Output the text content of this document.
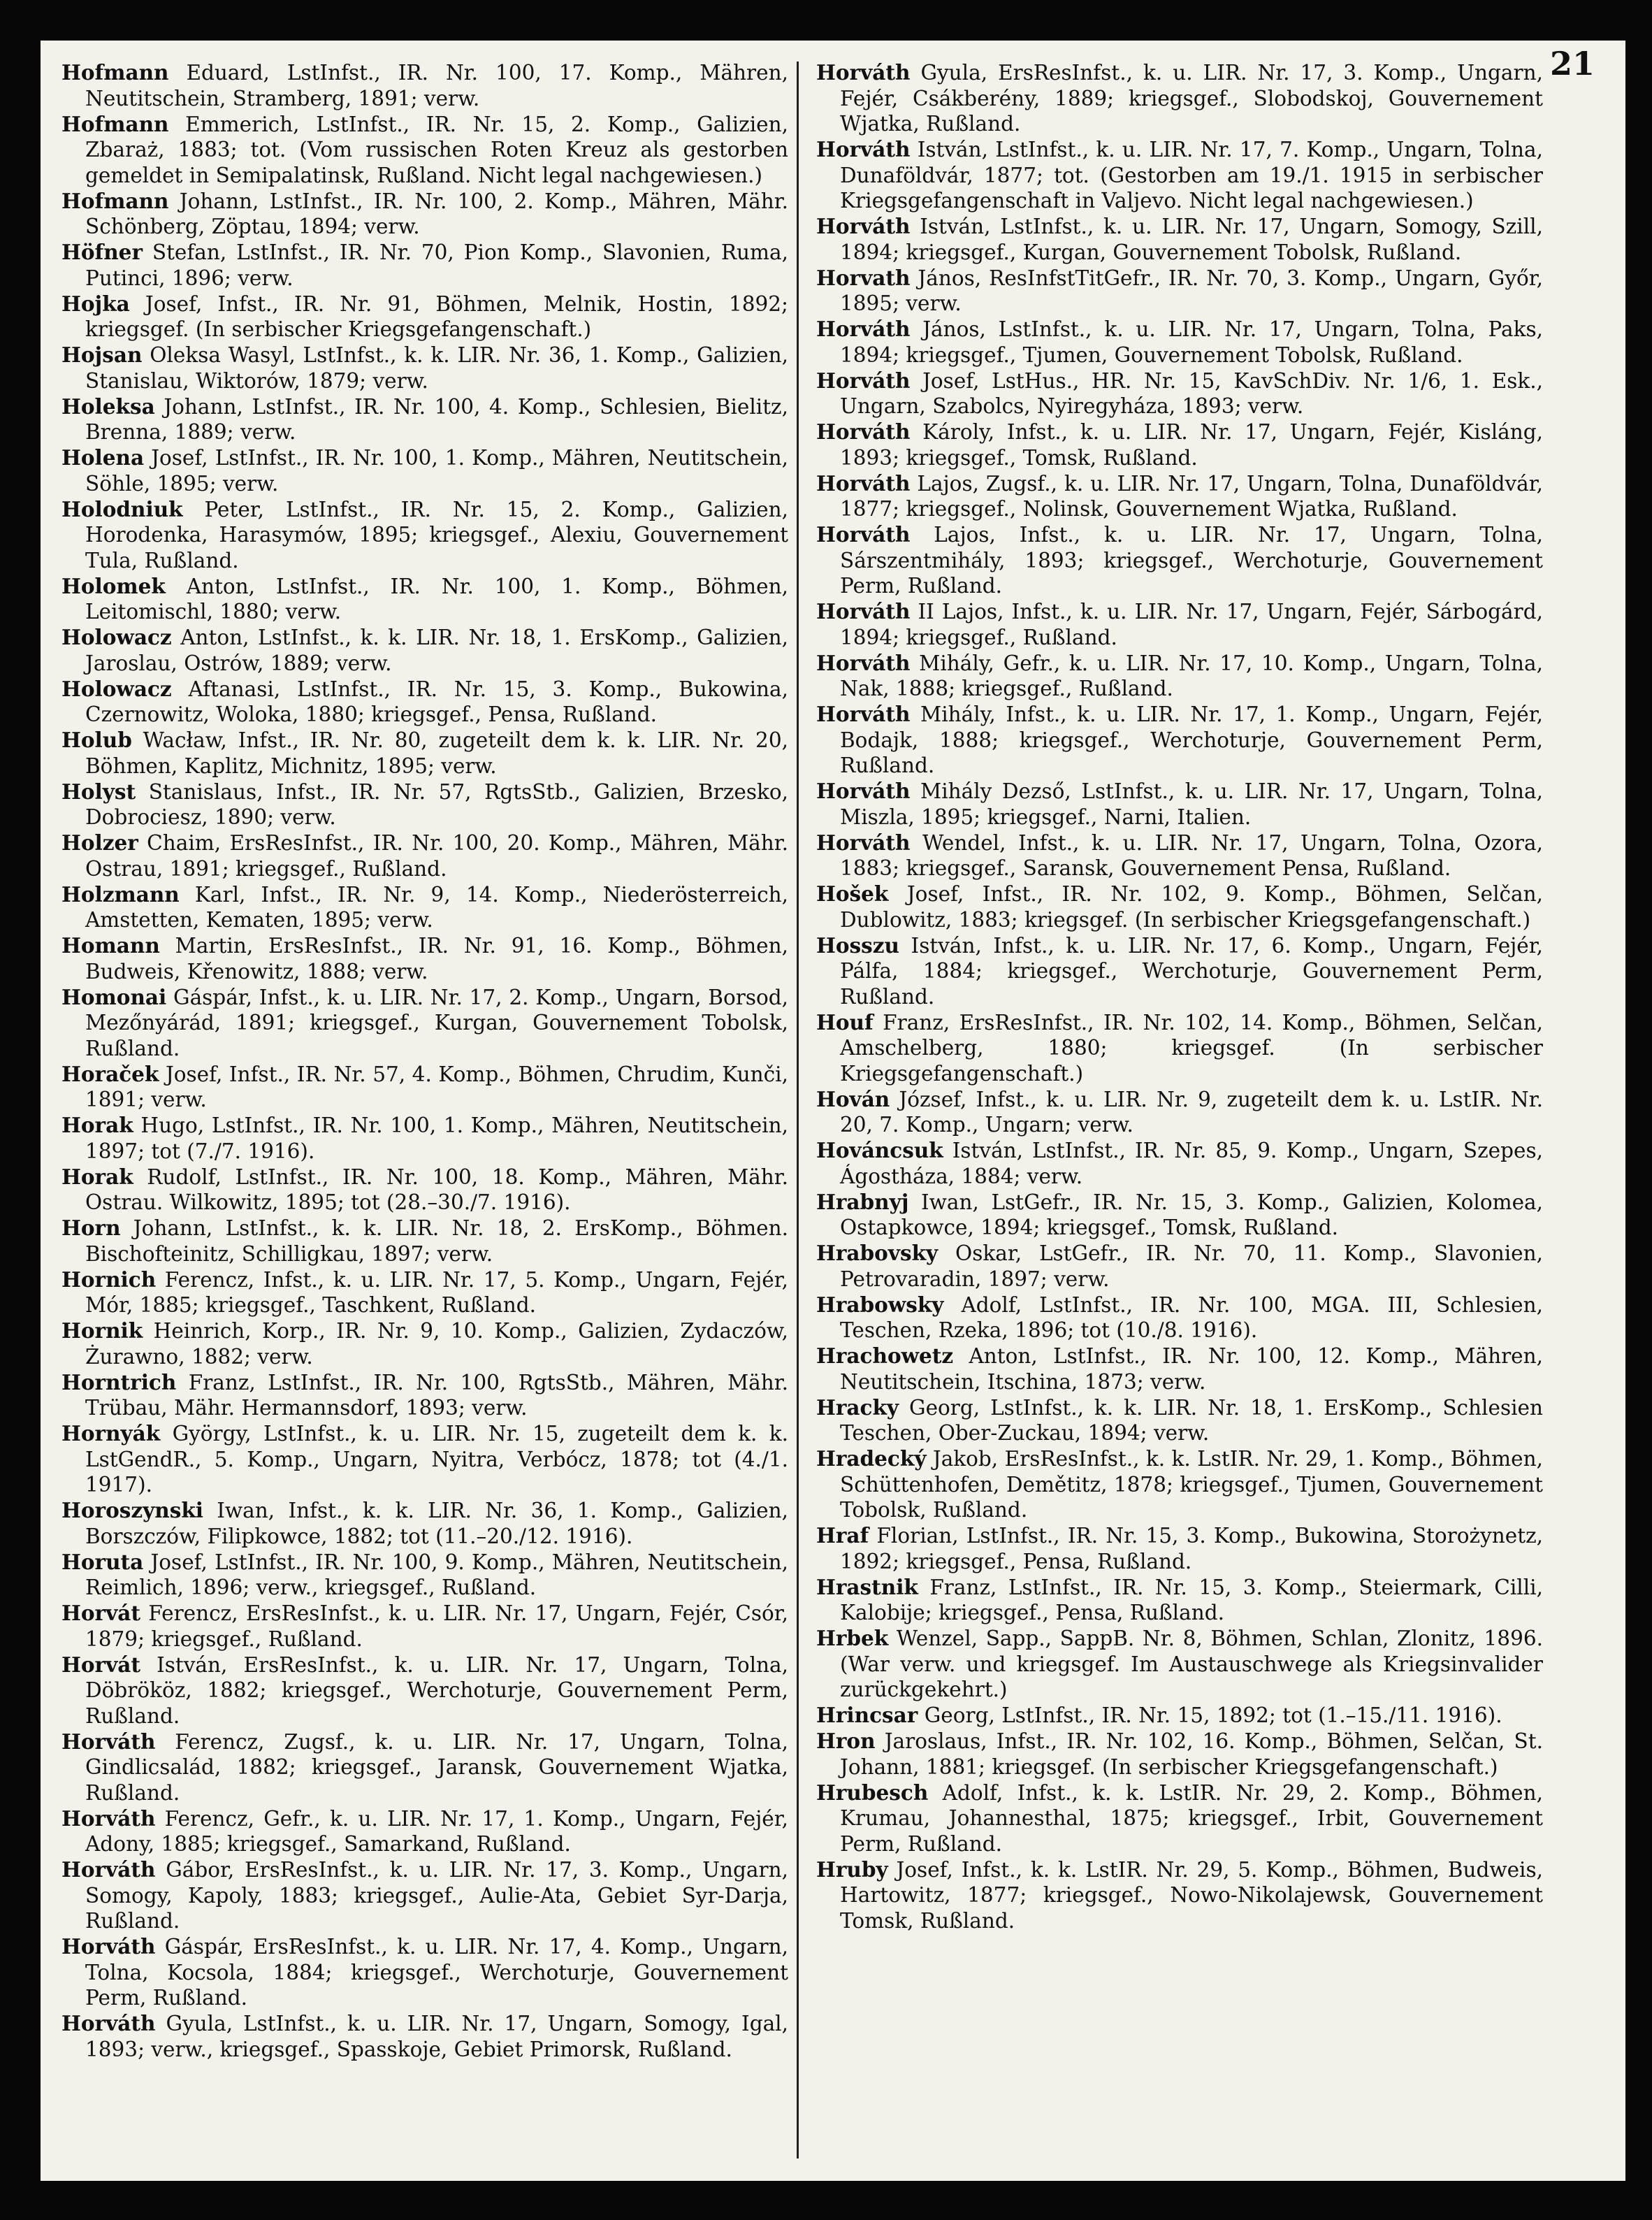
21

Hofmann Eduard, LstInfst., IR. Nr. 100, 17. Komp., Mähren, Neutitschein, Stramberg, 1891; verw.

Hofmann Emmerich, LstInfst., IR. Nr. 15, 2. Komp., Galizien, Zbaraż, 1883; tot. (Vom russischen Roten Kreuz als gestorben gemeldet in Semipalatinsk, Rußland. Nicht legal nachgewiesen.)

Hofmann Johann, LstInfst., IR. Nr. 100, 2. Komp., Mähren, Mähr. Schönberg, Zöptau, 1894; verw.

Höfner Stefan, LstInfst., IR. Nr. 70, Pion Komp., Slavonien, Ruma, Putinci, 1896; verw.

Hojka Josef, Infst., IR. Nr. 91, Böhmen, Melnik, Hostin, 1892; kriegsgef. (In serbischer Kriegsgefangenschaft.)

Hojsan Oleksa Wasyl, LstInfst., k. k. LIR. Nr. 36, 1. Komp., Galizien, Stanislau, Wiktorów, 1879; verw.

Holeksa Johann, LstInfst., IR. Nr. 100, 4. Komp., Schlesien, Bielitz, Brenna, 1889; verw.

Holena Josef, LstInfst., IR. Nr. 100, 1. Komp., Mähren, Neutitschein, Söhle, 1895; verw.

Holodniuk Peter, LstInfst., IR. Nr. 15, 2. Komp., Galizien, Horodenka, Harasymów, 1895; kriegsgef., Alexiu, Gouvernement Tula, Rußland.

Holomek Anton, LstInfst., IR. Nr. 100, 1. Komp., Böhmen, Leitomischl, 1880; verw.

Holowacz Anton, LstInfst., k. k. LIR. Nr. 18, 1. ErsKomp., Galizien, Jaroslau, Ostrów, 1889; verw.

Holowacz Aftanasi, LstInfst., IR. Nr. 15, 3. Komp., Bukowina, Czernowitz, Woloka, 1880; kriegsgef., Pensa, Rußland.

Holub Wacław, Infst., IR. Nr. 80, zugeteilt dem k. k. LIR. Nr. 20, Böhmen, Kaplitz, Michnitz, 1895; verw.

Holyst Stanislaus, Infst., IR. Nr. 57, RgtsStb., Galizien, Brzesko, Dobrociesz, 1890; verw.

Holzer Chaim, ErsResInfst., IR. Nr. 100, 20. Komp., Mähren, Mähr. Ostrau, 1891; kriegsgef., Rußland.

Holzmann Karl, Infst., IR. Nr. 9, 14. Komp., Niederösterreich, Amstetten, Kematen, 1895; verw.

Homann Martin, ErsResInfst., IR. Nr. 91, 16. Komp., Böhmen, Budweis, Křenowitz, 1888; verw.

Homonai Gáspár, Infst., k. u. LIR. Nr. 17, 2. Komp., Ungarn, Borsod, Mezőnyárád, 1891; kriegsgef., Kurgan, Gouvernement Tobolsk, Rußland.

Horaček Josef, Infst., IR. Nr. 57, 4. Komp., Böhmen, Chrudim, Kunči, 1891; verw.

Horak Hugo, LstInfst., IR. Nr. 100, 1. Komp., Mähren, Neutitschein, 1897; tot (7./7. 1916).

Horak Rudolf, LstInfst., IR. Nr. 100, 18. Komp., Mähren, Mähr. Ostrau. Wilkowitz, 1895; tot (28.–30./7. 1916).

Horn Johann, LstInfst., k. k. LIR. Nr. 18, 2. ErsKomp., Böhmen. Bischofteinitz, Schilligkau, 1897; verw.

Hornich Ferencz, Infst., k. u. LIR. Nr. 17, 5. Komp., Ungarn, Fejér, Mór, 1885; kriegsgef., Taschkent, Rußland.

Hornik Heinrich, Korp., IR. Nr. 9, 10. Komp., Galizien, Zydaczów, Żurawno, 1882; verw.

Horntrich Franz, LstInfst., IR. Nr. 100, RgtsStb., Mähren, Mähr. Trübau, Mähr. Hermannsdorf, 1893; verw.

Hornyák György, LstInfst., k. u. LIR. Nr. 15, zugeteilt dem k. k. LstGendR., 5. Komp., Ungarn, Nyitra, Verbócz, 1878; tot (4./1. 1917).

Horoszynski Iwan, Infst., k. k. LIR. Nr. 36, 1. Komp., Galizien, Borszczów, Filipkowce, 1882; tot (11.–20./12. 1916).

Horuta Josef, LstInfst., IR. Nr. 100, 9. Komp., Mähren, Neutitschein, Reimlich, 1896; verw., kriegsgef., Rußland.

Horvát Ferencz, ErsResInfst., k. u. LIR. Nr. 17, Ungarn, Fejér, Csór, 1879; kriegsgef., Rußland.

Horvát István, ErsResInfst., k. u. LIR. Nr. 17, Ungarn, Tolna, Döbrököz, 1882; kriegsgef., Werchoturje, Gouvernement Perm, Rußland.

Horváth Ferencz, Zugsf., k. u. LIR. Nr. 17, Ungarn, Tolna, Gindlicsalád, 1882; kriegsgef., Jaransk, Gouvernement Wjatka, Rußland.

Horváth Ferencz, Gefr., k. u. LIR. Nr. 17, 1. Komp., Ungarn, Fejér, Adony, 1885; kriegsgef., Samarkand, Rußland.

Horváth Gábor, ErsResInfst., k. u. LIR. Nr. 17, 3. Komp., Ungarn, Somogy, Kapoly, 1883; kriegsgef., Aulie-Ata, Gebiet Syr-Darja, Rußland.

Horváth Gáspár, ErsResInfst., k. u. LIR. Nr. 17, 4. Komp., Ungarn, Tolna, Kocsola, 1884; kriegsgef., Werchoturje, Gouvernement Perm, Rußland.

Horváth Gyula, LstInfst., k. u. LIR. Nr. 17, Ungarn, Somogy, Igal, 1893; verw., kriegsgef., Spasskoje, Gebiet Primorsk, Rußland.

Horváth Gyula, ErsResInfst., k. u. LIR. Nr. 17, 3. Komp., Ungarn, Fejér, Csákberény, 1889; kriegsgef., Slobodskoj, Gouvernement Wjatka, Rußland.

Horváth István, LstInfst., k. u. LIR. Nr. 17, 7. Komp., Ungarn, Tolna, Dunaföldvár, 1877; tot. (Gestorben am 19./1. 1915 in serbischer Kriegsgefangenschaft in Valjevo. Nicht legal nachgewiesen.)

Horváth István, LstInfst., k. u. LIR. Nr. 17, Ungarn, Somogy, Szill, 1894; kriegsgef., Kurgan, Gouvernement Tobolsk, Rußland.

Horvath János, ResInfstTitGefr., IR. Nr. 70, 3. Komp., Ungarn, Győr, 1895; verw.

Horváth János, LstInfst., k. u. LIR. Nr. 17, Ungarn, Tolna, Paks, 1894; kriegsgef., Tjumen, Gouvernement Tobolsk, Rußland.

Horváth Josef, LstHus., HR. Nr. 15, KavSchDiv. Nr. 1/6, 1. Esk., Ungarn, Szabolcs, Nyiregyháza, 1893; verw.

Horváth Károly, Infst., k. u. LIR. Nr. 17, Ungarn, Fejér, Kisláng, 1893; kriegsgef., Tomsk, Rußland.

Horváth Lajos, Zugsf., k. u. LIR. Nr. 17, Ungarn, Tolna, Dunaföldvár, 1877; kriegsgef., Nolinsk, Gouvernement Wjatka, Rußland.

Horváth Lajos, Infst., k. u. LIR. Nr. 17, Ungarn, Tolna, Sárszentmihály, 1893; kriegsgef., Werchoturje, Gouvernement Perm, Rußland.

Horváth II Lajos, Infst., k. u. LIR. Nr. 17, Ungarn, Fejér, Sárbogárd, 1894; kriegsgef., Rußland.

Horváth Mihály, Gefr., k. u. LIR. Nr. 17, 10. Komp., Ungarn, Tolna, Nak, 1888; kriegsgef., Rußland.

Horváth Mihály, Infst., k. u. LIR. Nr. 17, 1. Komp., Ungarn, Fejér, Bodajk, 1888; kriegsgef., Werchoturje, Gouvernement Perm, Rußland.

Horváth Mihály Dezső, LstInfst., k. u. LIR. Nr. 17, Ungarn, Tolna, Miszla, 1895; kriegsgef., Narni, Italien.

Horváth Wendel, Infst., k. u. LIR. Nr. 17, Ungarn, Tolna, Ozora, 1883; kriegsgef., Saransk, Gouvernement Pensa, Rußland.

Hošek Josef, Infst., IR. Nr. 102, 9. Komp., Böhmen, Selčan, Dublowitz, 1883; kriegsgef. (In serbischer Kriegsgefangenschaft.)

Hosszu István, Infst., k. u. LIR. Nr. 17, 6. Komp., Ungarn, Fejér, Pálfa, 1884; kriegsgef., Werchoturje, Gouvernement Perm, Rußland.

Houf Franz, ErsResInfst., IR. Nr. 102, 14. Komp., Böhmen, Selčan, Amschelberg, 1880; kriegsgef. (In serbischer Kriegsgefangenschaft.)

Hován József, Infst., k. u. LIR. Nr. 9, zugeteilt dem k. u. LstIR. Nr. 20, 7. Komp., Ungarn; verw.

Hováncsuk István, LstInfst., IR. Nr. 85, 9. Komp., Ungarn, Szepes, Ágostháza, 1884; verw.

Hrabnyj Iwan, LstGefr., IR. Nr. 15, 3. Komp., Galizien, Kolomea, Ostapkowce, 1894; kriegsgef., Tomsk, Rußland.

Hrabovsky Oskar, LstGefr., IR. Nr. 70, 11. Komp., Slavonien, Petrovaradin, 1897; verw.

Hrabowsky Adolf, LstInfst., IR. Nr. 100, MGA. III, Schlesien, Teschen, Rzeka, 1896; tot (10./8. 1916).

Hrachowetz Anton, LstInfst., IR. Nr. 100, 12. Komp., Mähren, Neutitschein, Itschina, 1873; verw.

Hracky Georg, LstInfst., k. k. LIR. Nr. 18, 1. ErsKomp., Schlesien Teschen, Ober-Zuckau, 1894; verw.

Hradecký Jakob, ErsResInfst., k. k. LstIR. Nr. 29, 1. Komp., Böhmen, Schüttenhofen, Demětitz, 1878; kriegsgef., Tjumen, Gouvernement Tobolsk, Rußland.

Hraf Florian, LstInfst., IR. Nr. 15, 3. Komp., Bukowina, Storożynetz, 1892; kriegsgef., Pensa, Rußland.

Hrastnik Franz, LstInfst., IR. Nr. 15, 3. Komp., Steiermark, Cilli, Kalobije; kriegsgef., Pensa, Rußland.

Hrbek Wenzel, Sapp., SappB. Nr. 8, Böhmen, Schlan, Zlonitz, 1896. (War verw. und kriegsgef. Im Austauschwege als Kriegsinvalider zurückgekehrt.)

Hrincsar Georg, LstInfst., IR. Nr. 15, 1892; tot (1.–15./11. 1916).

Hron Jaroslaus, Infst., IR. Nr. 102, 16. Komp., Böhmen, Selčan, St. Johann, 1881; kriegsgef. (In serbischer Kriegsgefangenschaft.)

Hrubesch Adolf, Infst., k. k. LstIR. Nr. 29, 2. Komp., Böhmen, Krumau, Johannesthal, 1875; kriegsgef., Irbit, Gouvernement Perm, Rußland.

Hruby Josef, Infst., k. k. LstIR. Nr. 29, 5. Komp., Böhmen, Budweis, Hartowitz, 1877; kriegsgef., Nowo-Nikolajewsk, Gouvernement Tomsk, Rußland.
